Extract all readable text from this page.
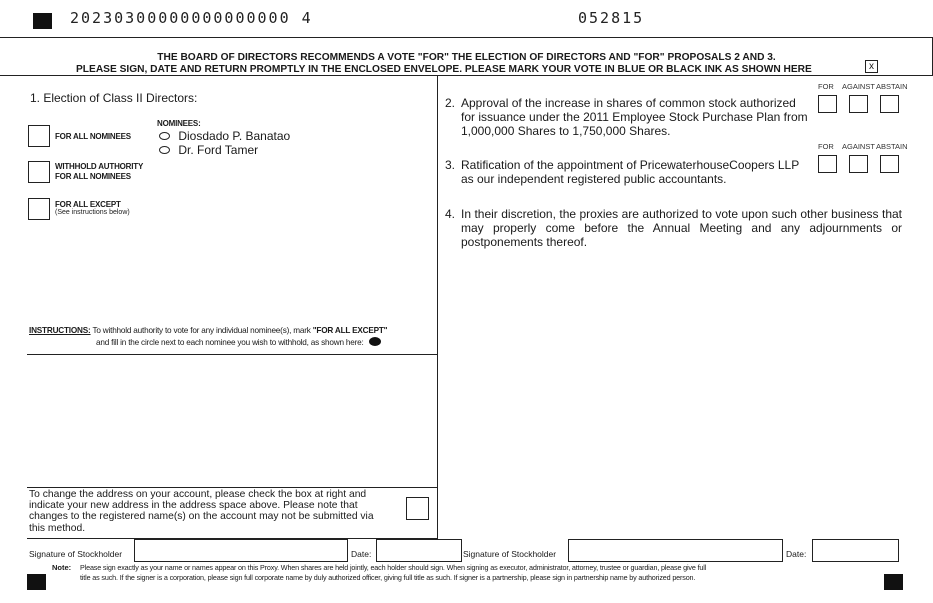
20230300000000000000 4	052815
THE BOARD OF DIRECTORS RECOMMENDS A VOTE "FOR" THE ELECTION OF DIRECTORS AND "FOR" PROPOSALS 2 AND 3.
PLEASE SIGN, DATE AND RETURN PROMPTLY IN THE ENCLOSED ENVELOPE. PLEASE MARK YOUR VOTE IN BLUE OR BLACK INK AS SHOWN HERE	x
1. Election of Class II Directors:
NOMINEES:
Diosdado P. Banatao
Dr. Ford Tamer
FOR ALL NOMINEES
WITHHOLD AUTHORITY
FOR ALL NOMINEES
FOR ALL EXCEPT
(See instructions below)
INSTRUCTIONS: To withhold authority to vote for any individual nominee(s), mark "FOR ALL EXCEPT"
and fill in the circle next to each nominee you wish to withhold, as shown here:
To change the address on your account, please check the box at right and indicate your new address in the address space above. Please note that changes to the registered name(s) on the account may not be submitted via this method.
FOR AGAINST ABSTAIN
2. Approval of the increase in shares of common stock authorized for issuance under the 2011 Employee Stock Purchase Plan from 1,000,000 Shares to 1,750,000 Shares.
FOR AGAINST ABSTAIN
3. Ratification of the appointment of PricewaterhouseCoopers LLP as our independent registered public accountants.
4. In their discretion, the proxies are authorized to vote upon such other business that may properly come before the Annual Meeting and any adjournments or postponements thereof.
Signature of Stockholder	Date:	Signature of Stockholder	Date:
Note: Please sign exactly as your name or names appear on this Proxy. When shares are held jointly, each holder should sign. When signing as executor, administrator, attorney, trustee or guardian, please give full
title as such. If the signer is a corporation, please sign full corporate name by duly authorized officer, giving full title as such. If signer is a partnership, please sign in partnership name by authorized person.
